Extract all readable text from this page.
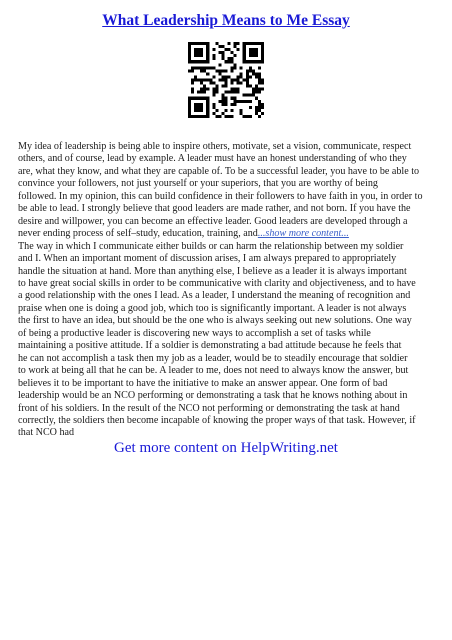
What Leadership Means to Me Essay
My idea of leadership is being able to inspire others, motivate, set a vision, communicate, respect
others, and of course, lead by example. A leader must have an honest understanding of who they
are, what they know, and what they are capable of. To be a successful leader, you have to be able to
convince your followers, not just yourself or your superiors, that you are worthy of being
followed. In my opinion, this can build confidence in their followers to have faith in you, in order to
be able to lead. I strongly believe that good leaders are made rather, and not born. If you have the
desire and willpower, you can become an effective leader. Good leaders are developed through a
never ending process of self–study, education, training, and...show more content...
The way in which I communicate either builds or can harm the relationship between my soldier
and I. When an important moment of discussion arises, I am always prepared to appropriately
handle the situation at hand. More than anything else, I believe as a leader it is always important
to have great social skills in order to be communicative with clarity and objectiveness, and to have
a good relationship with the ones I lead. As a leader, I understand the meaning of recognition and
praise when one is doing a good job, which too is significantly important. A leader is not always
the first to have an idea, but should be the one who is always seeking out new solutions. One way
of being a productive leader is discovering new ways to accomplish a set of tasks while
maintaining a positive attitude. If a soldier is demonstrating a bad attitude because he feels that
he can not accomplish a task then my job as a leader, would be to steadily encourage that soldier
to work at being all that he can be. A leader to me, does not need to always know the answer, but
believes it to be important to have the initiative to make an answer appear. One form of bad
leadership would be an NCO performing or demonstrating a task that he knows nothing about in
front of his soldiers. In the result of the NCO not performing or demonstrating the task at hand
correctly, the soldiers then become incapable of knowing the proper ways of that task. However, if
that NCO had
Get more content on HelpWriting.net
